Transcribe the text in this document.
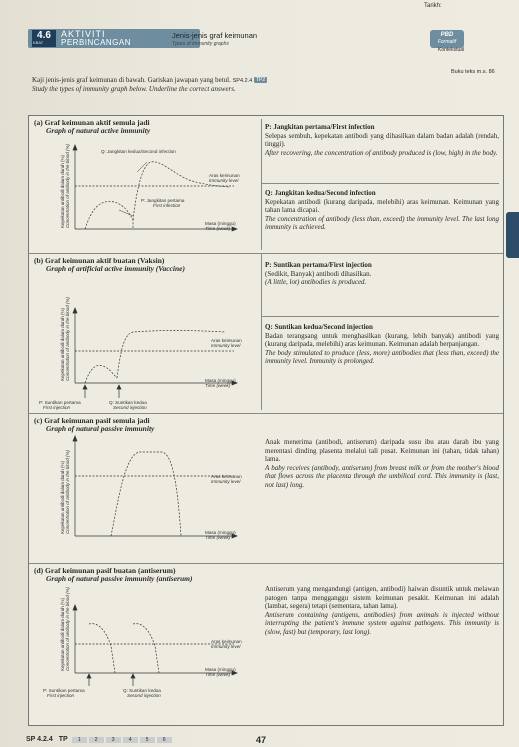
Tarikh:
4.6
KBAT
AKTIVITI
PERBINCANGAN
Jenis-jenis graf keimunan
Types of immunity graphs
PBD
Formatif
Kontekstual
Buku teks m.s. 86
Kaji jenis-jenis graf keimunan di bawah. Gariskan jawapan yang betul. SP4.2.4 TP2
Study the types of immunity graph below. Underline the correct answers.
(a) Graf keimunan aktif semula jadi
Graph of natural active immunity
Kepekatan antibodi dalam darah (%) Concentration of antibody in the blood (%)	Q: Jangkitan kedua/Second infection
Aras keimunan
Immunity level
P: Jangkitan pertama
First infection
Masa (minggu)
Time (week)
P: Jangkitan pertama/First infection
Selepas sembuh, kepekatan antibodi yang dihasilkan dalam badan adalah (rendah, tinggi).
After recovering, the concentration of antibody produced is (low, high) in the body.
Q: Jangkitan kedua/Second infection
Kepekatan antibodi (kurang daripada, melebihi) aras keimunan. Keimunan yang tahan lama dicapai.
The concentration of antibody (less than, exceed) the immunity level. The last long immunity is achieved.
(b) Graf keimunan aktif buatan (Vaksin)
Graph of artificial active immunity (Vaccine)
Kepekatan antibodi dalam darah (%) Concentration of antibody in the blood (%)	Aras keimunan
Immunity level
Masa (minggu)
Time (week)
P: Suntikan pertama
First injection
Q: Suntikan kedua
Second injection
P: Suntikan pertama/First injection
(Sedikit, Banyak) antibodi dihasilkan.
(A little, lot) antibodies is produced.
Q: Suntikan kedua/Second injection
Badan terangsang untuk menghasilkan (kurang, lebih banyak) antibodi yang (kurang daripada, melebihi) aras keimunan. Keimunan adalah berpanjangan.
The body stimulated to produce (less, more) antibodies that (less than, exceed) the immunity level. Immunity is prolonged.
(c) Graf keimunan pasif semula jadi
Graph of natural passive immunity
Kepekatan antibodi dalam darah (%) Concentration of antibody in the blood (%)	Aras keimunan
Immunity level
Masa (minggu)
Time (week)
Anak menerima (antibodi, antiserum) daripada susu ibu atau darah ibu yang merentasi dinding plasenta melalui tali pusat. Keimunan ini (tahan, tidak tahan) lama.
A baby receives (antibody, antiserum) from breast milk or from the mother's blood that flows across the placenta through the umbilical cord. This immunity is (last, not last) long.
(d) Graf keimunan pasif buatan (antiserum)
Graph of natural passive immunity (antiserum)
Kepekatan antibodi dalam darah (%) Concentration of antibody in the blood (%)	Aras keimunan
Immunity level
Masa (minggu)
Time (week)
P: Suntikan pertama
First injection
Q: Suntikan kedua
Second injection
Antiserum yang mengandungi (antigen, antibodi) haiwan disuntik untuk melawan patogen tanpa mengganggu sistem keimunan pesakit. Keimunan ini adalah (lambat, segera) tetapi (sementara, tahan lama).
Antiserum containing (antigens, antibodies) from animals is injected without interrupting the patient's immune system against pathogens. This immunity is (slow, fast) but (temporary, last long).
SP 4.2.4 TP 1	2	3	4	5	6	47
